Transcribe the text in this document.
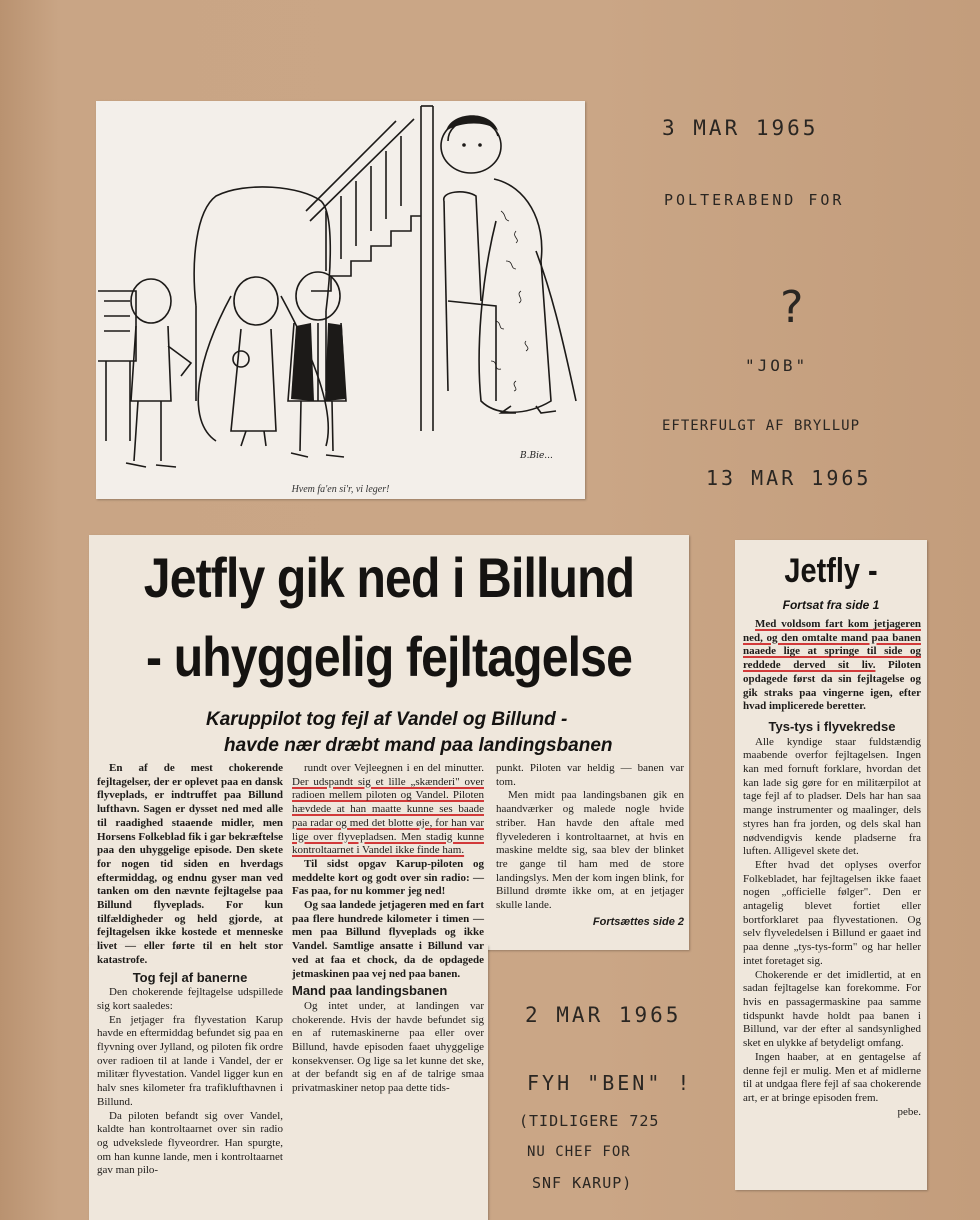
B.Bie...
Hvem fa'en si'r, vi leger!
3 MAR 1965
POLTERABEND FOR
?
"JOB"
EFTERFULGT AF BRYLLUP
13 MAR 1965
2 MAR 1965
FYH "BEN" !
(TIDLIGERE 725
NU CHEF FOR
SNF KARUP)
Jetfly gik ned i Billund
- uhyggelig fejltagelse
Karuppilot tog fejl af Vandel og Billund -
havde nær dræbt mand paa landingsbanen

En af de mest chokerende fejltagelser, der er oplevet paa en dansk flyveplads, er indtruffet paa Billund lufthavn. Sagen er dysset ned med alle til raadighed staaende midler, men Horsens Folkeblad fik i gar bekræftelse paa den uhyggelige episode. Den skete for nogen tid siden en hverdags eftermiddag, og endnu gyser man ved tanken om den nævnte fejltagelse paa Billund flyveplads. For kun tilfældigheder og held gjorde, at fejltagelsen ikke kostede et menneske livet — eller førte til en helt stor katastrofe.

Tog fejl af banerne

Den chokerende fejltagelse udspillede sig kort saaledes:

En jetjager fra flyvestation Karup havde en eftermiddag befundet sig paa en flyvning over Jylland, og piloten fik ordre over radioen til at lande i Vandel, der er militær flyvestation. Vandel ligger kun en halv snes kilometer fra trafiklufthavnen i Billund.

Da piloten befandt sig over Vandel, kaldte han kontroltaarnet over sin radio og udvekslede flyveordrer. Han spurgte, om han kunne lande, men i kontroltaarnet gav man pilo-

rundt over Vejleegnen i en del minutter. Der udspandt sig et lille „skænderi" over radioen mellem piloten og Vandel. Piloten hævdede at han maatte kunne ses baade paa radar og med det blotte øje, for han var lige over flyvepladsen. Men stadig kunne kontroltaarnet i Vandel ikke finde ham.

Til sidst opgav Karup-piloten og meddelte kort og godt over sin radio: — Fas paa, for nu kommer jeg ned!

Og saa landede jetjageren med en fart paa flere hundrede kilometer i timen — men paa Billund flyveplads og ikke Vandel. Samtlige ansatte i Billund var ved at faa et chock, da de opdagede jetmaskinen paa vej ned paa banen.

Mand paa landingsbanen

Og intet under, at landingen var chokerende. Hvis der havde befundet sig en af rutemaskinerne paa eller over Billund, havde episoden faaet uhyggelige konsekvenser. Og lige sa let kunne det ske, at der befandt sig en af de talrige smaa privatmaskiner netop paa dette tids-

punkt. Piloten var heldig — banen var tom.

Men midt paa landingsbanen gik en haandværker og malede nogle hvide striber. Han havde den aftale med flyvelederen i kontroltaarnet, at hvis en maskine meldte sig, saa blev der blinket tre gange til ham med de store landingslys. Men der kom ingen blink, for Billund drømte ikke om, at en jetjager skulle lande.

Fortsættes side 2
Jetfly -
Fortsat fra side 1

Med voldsom fart kom jetjageren ned, og den omtalte mand paa banen naaede lige at springe til side og reddede derved sit liv. Piloten opdagede først da sin fejltagelse og gik straks paa vingerne igen, efter hvad implicerede beretter.

Tys-tys i flyvekredse

Alle kyndige staar fuldstændig maabende overfor fejltagelsen. Ingen kan med fornuft forklare, hvordan det kan lade sig gøre for en militærpilot at tage fejl af to pladser. Dels har han saa mange instrumenter og maalinger, dels styres han fra jorden, og dels skal han nødvendigvis kende pladserne fra luften. Alligevel skete det.

Efter hvad det oplyses overfor Folkebladet, har fejltagelsen ikke faaet nogen „officielle følger". Den er antagelig blevet fortiet eller bortforklaret paa flyvestationen. Og selv flyveledelsen i Billund er gaaet ind paa denne „tys-tys-form" og har heller intet foretaget sig.

Chokerende er det imidlertid, at en sadan fejltagelse kan forekomme. For hvis en passagermaskine paa samme tidspunkt havde holdt paa banen i Billund, var der efter al sandsynlighed sket en ulykke af betydeligt omfang.

Ingen haaber, at en gentagelse af denne fejl er mulig. Men et af midlerne til at undgaa flere fejl af saa chokerende art, er at bringe episoden frem.

pebe.
